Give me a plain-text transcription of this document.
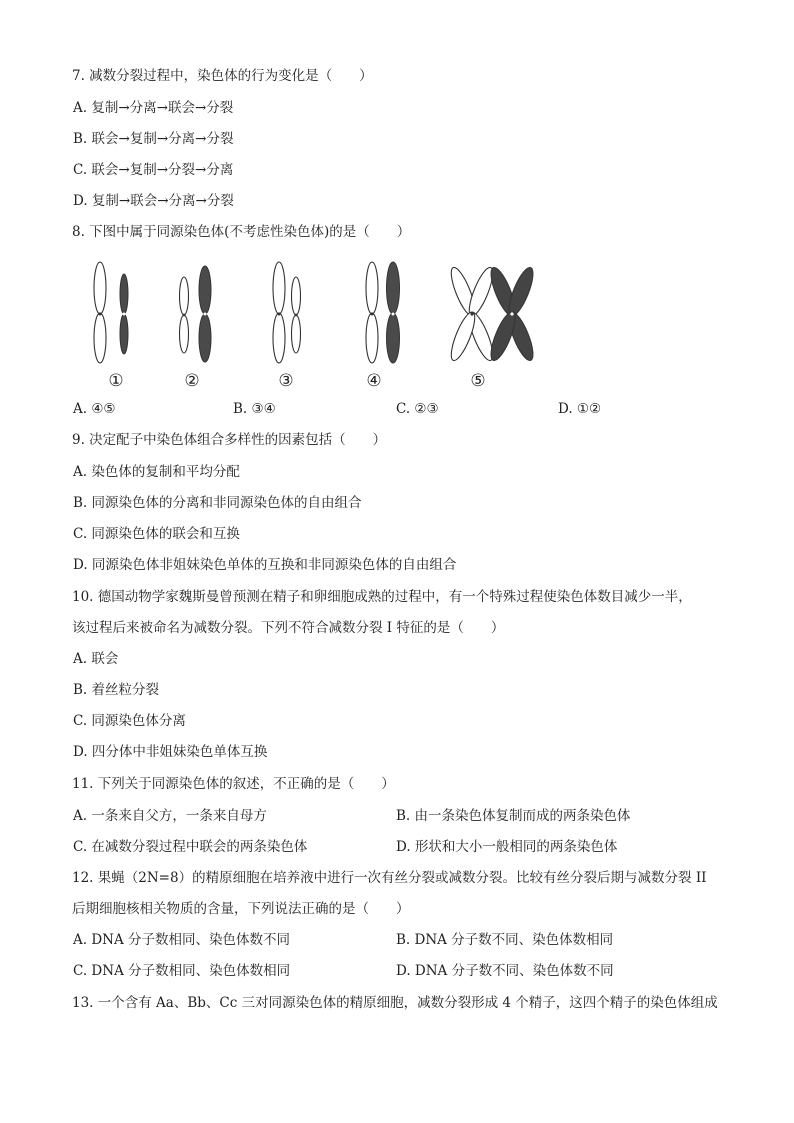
7. 减数分裂过程中，染色体的行为变化是（　　）
A. 复制→分离→联会→分裂
B. 联会→复制→分离→分裂
C. 联会→复制→分裂→分离
D. 复制→联会→分离→分裂
8. 下图中属于同源染色体(不考虑性染色体)的是（　　）
①	②	③	④	⑤
A. ④⑤	B. ③④	C. ②③	D. ①②
9. 决定配子中染色体组合多样性的因素包括（　　）
A. 染色体的复制和平均分配
B. 同源染色体的分离和非同源染色体的自由组合
C. 同源染色体的联会和互换
D. 同源染色体非姐妹染色单体的互换和非同源染色体的自由组合
10. 德国动物学家魏斯曼曾预测在精子和卵细胞成熟的过程中，有一个特殊过程使染色体数目减少一半，
该过程后来被命名为减数分裂。下列不符合减数分裂 I 特征的是（　　）
A. 联会
B. 着丝粒分裂
C. 同源染色体分离
D. 四分体中非姐妹染色单体互换
11. 下列关于同源染色体的叙述，不正确的是（　　）
A. 一条来自父方，一条来自母方	B. 由一条染色体复制而成的两条染色体
C. 在减数分裂过程中联会的两条染色体	D. 形状和大小一般相同的两条染色体
12. 果蝇（2N=8）的精原细胞在培养液中进行一次有丝分裂或减数分裂。比较有丝分裂后期与减数分裂 II
后期细胞核相关物质的含量，下列说法正确的是（　　）
A. DNA 分子数相同、染色体数不同	B. DNA 分子数不同、染色体数相同
C. DNA 分子数相同、染色体数相同	D. DNA 分子数不同、染色体数不同
13. 一个含有 Aa、Bb、Cc 三对同源染色体的精原细胞，减数分裂形成 4 个精子，这四个精子的染色体组成
